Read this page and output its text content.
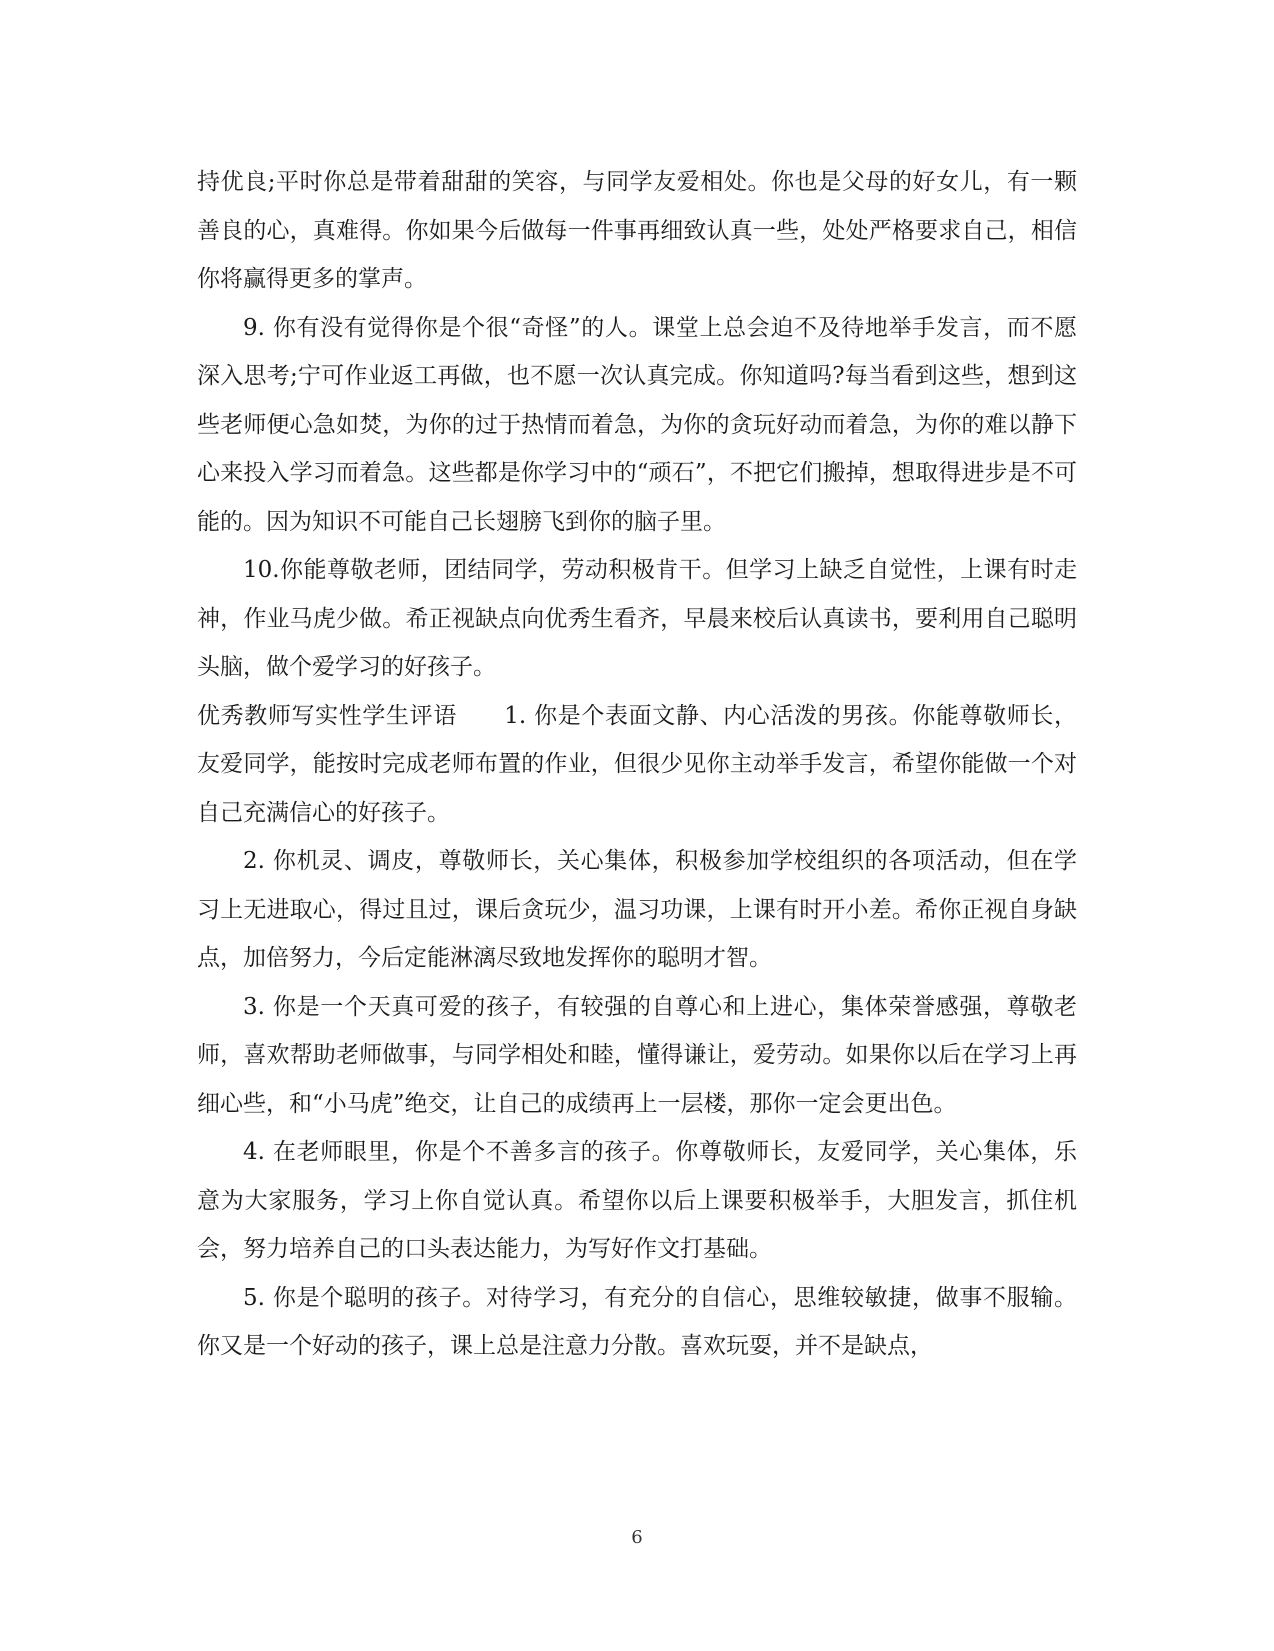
持优良;平时你总是带着甜甜的笑容，与同学友爱相处。你也是父母的好女儿，有一颗善良的心，真难得。你如果今后做每一件事再细致认真一些，处处严格要求自己，相信你将赢得更多的掌声。

9. 你有没有觉得你是个很“奇怪”的人。课堂上总会迫不及待地举手发言，而不愿深入思考;宁可作业返工再做，也不愿一次认真完成。你知道吗?每当看到这些，想到这些老师便心急如焚，为你的过于热情而着急，为你的贪玩好动而着急，为你的难以静下心来投入学习而着急。这些都是你学习中的“顽石”，不把它们搬掉，想取得进步是不可能的。因为知识不可能自己长翅膀飞到你的脑子里。

10.你能尊敬老师，团结同学，劳动积极肯干。但学习上缺乏自觉性，上课有时走神，作业马虎少做。希正视缺点向优秀生看齐，早晨来校后认真读书，要利用自己聪明头脑，做个爱学习的好孩子。

优秀教师写实性学生评语　　1. 你是个表面文静、内心活泼的男孩。你能尊敬师长，友爱同学，能按时完成老师布置的作业，但很少见你主动举手发言，希望你能做一个对自己充满信心的好孩子。

2. 你机灵、调皮，尊敬师长，关心集体，积极参加学校组织的各项活动，但在学习上无进取心，得过且过，课后贪玩少，温习功课，上课有时开小差。希你正视自身缺点，加倍努力，今后定能淋漓尽致地发挥你的聪明才智。

3. 你是一个天真可爱的孩子，有较强的自尊心和上进心，集体荣誉感强，尊敬老师，喜欢帮助老师做事，与同学相处和睦，懂得谦让，爱劳动。如果你以后在学习上再细心些，和“小马虎”绝交，让自己的成绩再上一层楼，那你一定会更出色。

4. 在老师眼里，你是个不善多言的孩子。你尊敬师长，友爱同学，关心集体，乐意为大家服务，学习上你自觉认真。希望你以后上课要积极举手，大胆发言，抓住机会，努力培养自己的口头表达能力，为写好作文打基础。

5. 你是个聪明的孩子。对待学习，有充分的自信心，思维较敏捷，做事不服输。你又是一个好动的孩子，课上总是注意力分散。喜欢玩耍，并不是缺点，

6
